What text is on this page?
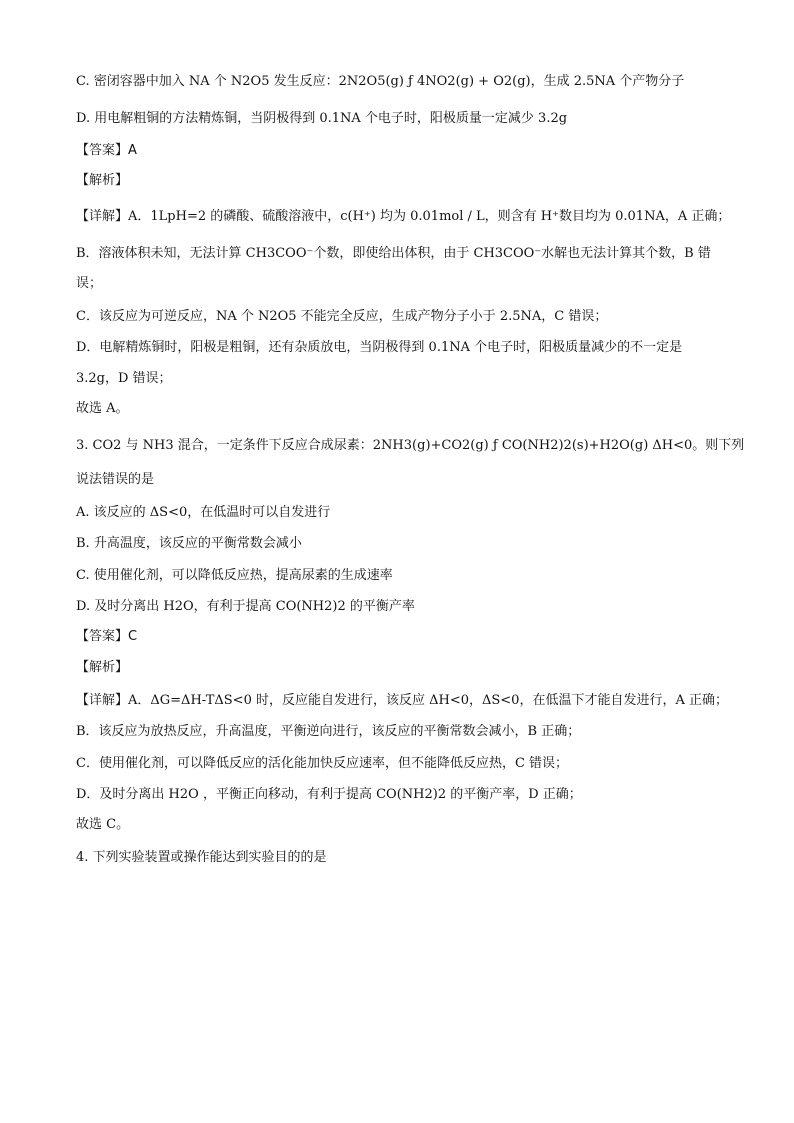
C. 密闭容器中加入 NA 个 N2O5 发生反应：2N2O5(g) ƒ 4NO2(g) + O2(g)，生成 2.5NA 个产物分子
D. 用电解粗铜的方法精炼铜，当阴极得到 0.1NA 个电子时，阳极质量一定减少 3.2g
【答案】A
【解析】
【详解】A．1LpH=2 的磷酸、硫酸溶液中，c(H⁺) 均为 0.01mol / L，则含有 H⁺数目均为 0.01NA，A 正确；
B．溶液体积未知，无法计算 CH3COO⁻个数，即使给出体积，由于 CH3COO⁻水解也无法计算其个数，B 错
误；
C．该反应为可逆反应，NA 个 N2O5 不能完全反应，生成产物分子小于 2.5NA，C 错误；
D．电解精炼铜时，阳极是粗铜，还有杂质放电，当阴极得到 0.1NA 个电子时，阳极质量减少的不一定是
3.2g，D 错误；
故选 A。
3. CO2 与 NH3 混合，一定条件下反应合成尿素：2NH3(g)+CO2(g) ƒ CO(NH2)2(s)+H2O(g) ΔH<0。则下列
说法错误的是
A. 该反应的 ΔS<0，在低温时可以自发进行
B. 升高温度，该反应的平衡常数会减小
C. 使用催化剂，可以降低反应热，提高尿素的生成速率
D. 及时分离出 H2O，有利于提高 CO(NH2)2 的平衡产率
【答案】C
【解析】
【详解】A．ΔG=ΔH-TΔS<0 时，反应能自发进行，该反应 ΔH<0，ΔS<0，在低温下才能自发进行，A 正确；
B．该反应为放热反应，升高温度，平衡逆向进行，该反应的平衡常数会减小，B 正确；
C．使用催化剂，可以降低反应的活化能加快反应速率，但不能降低反应热，C 错误；
D．及时分离出 H2O ，平衡正向移动，有利于提高 CO(NH2)2 的平衡产率，D 正确；
故选 C。
4. 下列实验装置或操作能达到实验目的的是
